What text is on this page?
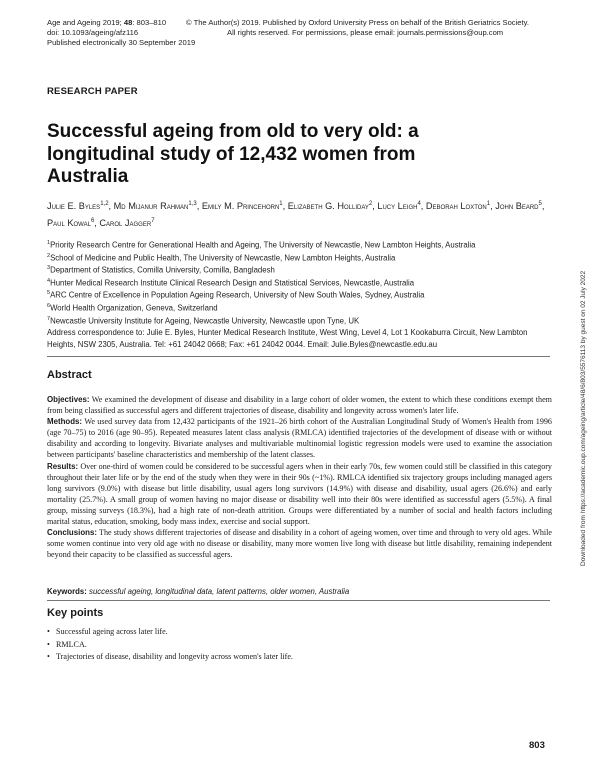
Age and Ageing 2019; 48: 803–810
doi: 10.1093/ageing/afz116
Published electronically 30 September 2019
© The Author(s) 2019. Published by Oxford University Press on behalf of the British Geriatrics Society.
All rights reserved. For permissions, please email: journals.permissions@oup.com
RESEARCH PAPER
Successful ageing from old to very old: a longitudinal study of 12,432 women from Australia
Julie E. Byles$^{1,2}$, Md Mijanur Rahman$^{1,3}$, Emily M. Princehorn$^1$, Elizabeth G. Holliday$^2$, Lucy Leigh$^4$, Deborah Loxton$^1$, John Beard$^5$, Paul Kowal$^6$, Carol Jagger$^7$
$^1$Priority Research Centre for Generational Health and Ageing, The University of Newcastle, New Lambton Heights, Australia
$^2$School of Medicine and Public Health, The University of Newcastle, New Lambton Heights, Australia
$^3$Department of Statistics, Comilla University, Comilla, Bangladesh
$^4$Hunter Medical Research Institute Clinical Research Design and Statistical Services, Newcastle, Australia
$^5$ARC Centre of Excellence in Population Ageing Research, University of New South Wales, Sydney, Australia
$^6$World Health Organization, Geneva, Switzerland
$^7$Newcastle University Institute for Ageing, Newcastle University, Newcastle upon Tyne, UK
Address correspondence to: Julie E. Byles, Hunter Medical Research Institute, West Wing, Level 4, Lot 1 Kookaburra Circuit, New Lambton Heights, NSW 2305, Australia. Tel: +61 24042 0668; Fax: +61 24042 0044. Email: Julie.Byles@newcastle.edu.au
Abstract

Objectives: We examined the development of disease and disability in a large cohort of older women, the extent to which these conditions exempt them from being classified as successful agers and different trajectories of disease, disability and longevity across women's later life.

Methods: We used survey data from 12,432 participants of the 1921–26 birth cohort of the Australian Longitudinal Study of Women's Health from 1996 (age 70–75) to 2016 (age 90–95). Repeated measures latent class analysis (RMLCA) identified trajectories of the development of disease with or without disability and according to longevity. Bivariate analyses and multivariable multinomial logistic regression models were used to examine the association between participants' baseline characteristics and membership of the latent classes.

Results: Over one-third of women could be considered to be successful agers when in their early 70s, few women could still be classified in this category throughout their later life or by the end of the study when they were in their 90s (~1%). RMLCA identified six trajectory groups including managed agers long survivors (9.0%) with disease but little disability, usual agers long survivors (14.9%) with disease and disability, usual agers (26.6%) and early mortality (25.7%). A small group of women having no major disease or disability well into their 80s were identified as successful agers (5.5%). A final group, missing surveys (18.3%), had a high rate of non-death attrition. Groups were differentiated by a number of social and health factors including marital status, education, smoking, body mass index, exercise and social support.

Conclusions: The study shows different trajectories of disease and disability in a cohort of ageing women, over time and through to very old ages. While some women continue into very old age with no disease or disability, many more women live long with disease but little disability, remaining independent beyond their capacity to be classified as successful agers.

Keywords: successful ageing, longitudinal data, latent patterns, older women, Australia
Key points
• Successful ageing across later life.
• RMLCA.
• Trajectories of disease, disability and longevity across women's later life.
Downloaded from https://academic.oup.com/ageing/article/48/6/803/5576113 by guest on 02 July 2022
803
